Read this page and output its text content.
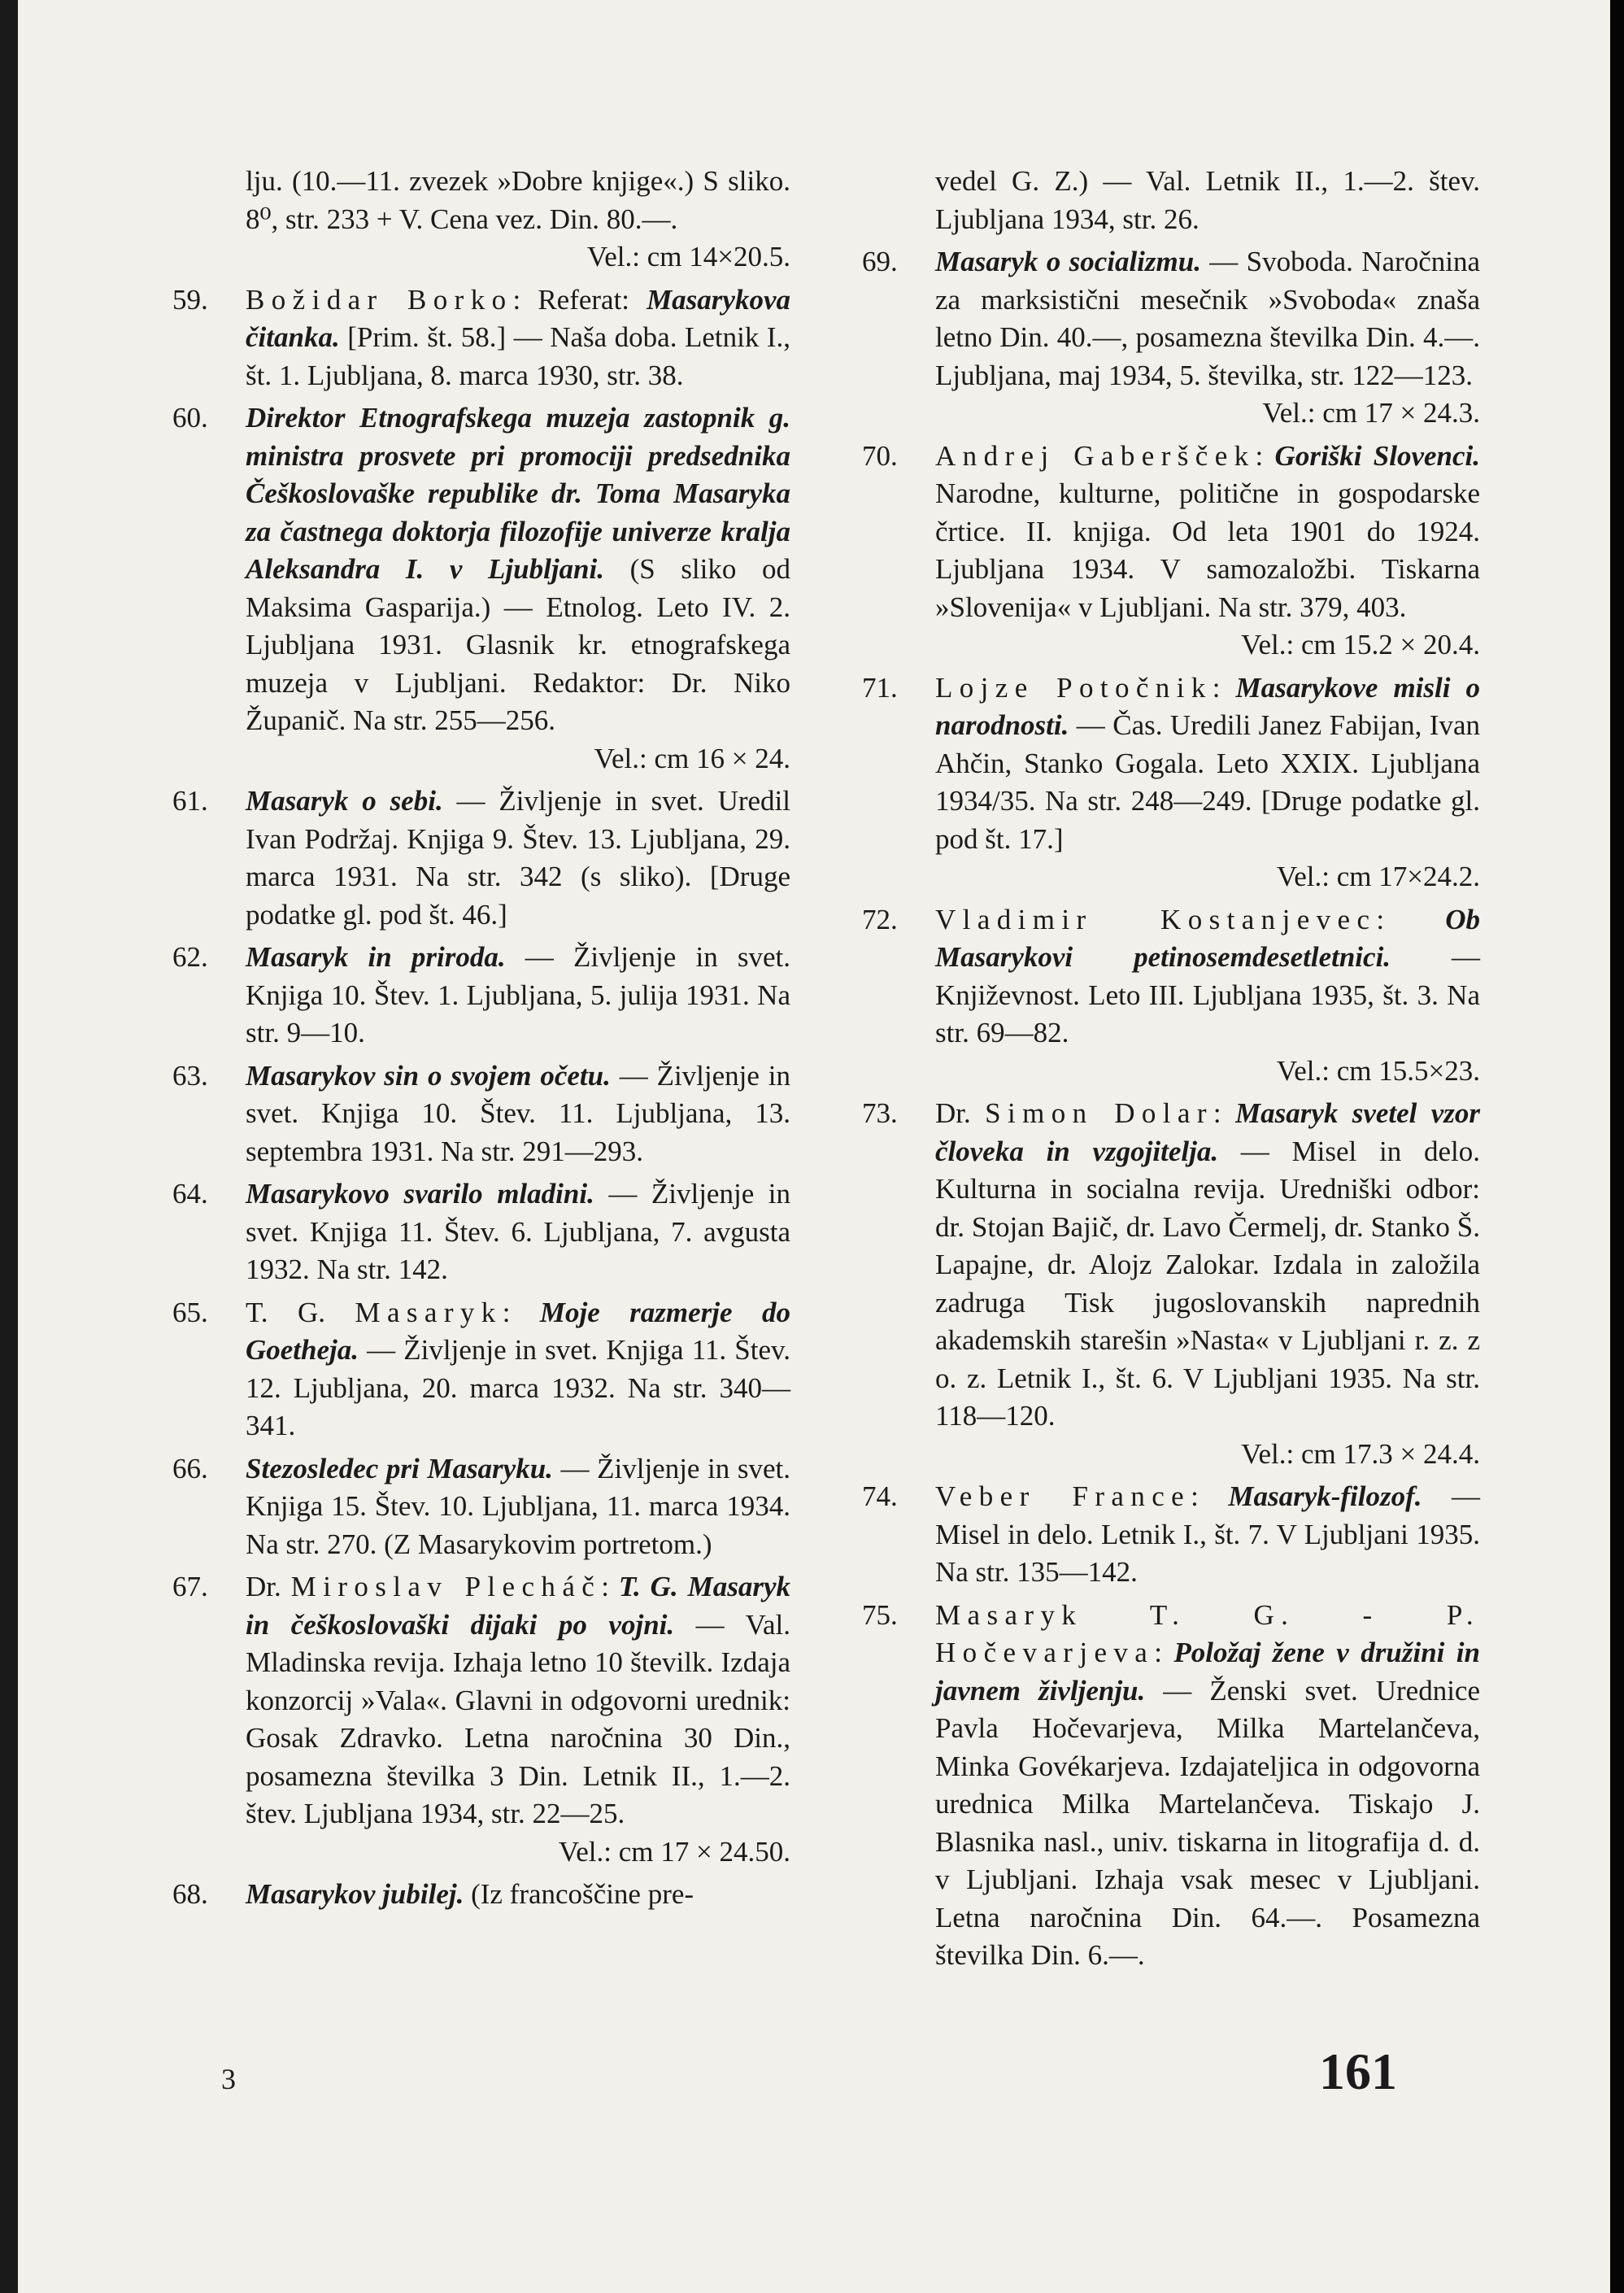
lju. (10.—11. zvezek »Dobre knjige«.) S sliko. 8⁰, str. 233 + V. Cena vez. Din. 80.—.
Vel.: cm 14×20.5.
59.	Božidar Borko: Referat: Masarykova čitanka. [Prim. št. 58.] — Naša doba. Letnik I., št. 1. Ljubljana, 8. marca 1930, str. 38.
60.	Direktor Etnografskega muzeja zastopnik g. ministra prosvete pri promociji predsednika Češkoslovaške republike dr. Toma Masaryka za častnega doktorja filozofije univerze kralja Aleksandra I. v Ljubljani. (S sliko od Maksima Gasparija.) — Etnolog. Leto IV. 2. Ljubljana 1931. Glasnik kr. etnografskega muzeja v Ljubljani. Redaktor: Dr. Niko Županič. Na str. 255—256.
Vel.: cm 16 × 24.
61.	Masaryk o sebi. — Življenje in svet. Uredil Ivan Podržaj. Knjiga 9. Štev. 13. Ljubljana, 29. marca 1931. Na str. 342 (s sliko). [Druge podatke gl. pod št. 46.]
62.	Masaryk in priroda. — Življenje in svet. Knjiga 10. Štev. 1. Ljubljana, 5. julija 1931. Na str. 9—10.
63.	Masarykov sin o svojem očetu. — Življenje in svet. Knjiga 10. Štev. 11. Ljubljana, 13. septembra 1931. Na str. 291—293.
64.	Masarykovo svarilo mladini. — Življenje in svet. Knjiga 11. Štev. 6. Ljubljana, 7. avgusta 1932. Na str. 142.
65.	T. G. Masaryk: Moje razmerje do Goetheja. — Življenje in svet. Knjiga 11. Štev. 12. Ljubljana, 20. marca 1932. Na str. 340—341.
66.	Stezosledec pri Masaryku. — Življenje in svet. Knjiga 15. Štev. 10. Ljubljana, 11. marca 1934. Na str. 270. (Z Masarykovim portretom.)
67.	Dr. Miroslav Plecháč: T. G. Masaryk in češkoslovaški dijaki po vojni. — Val. Mladinska revija. Izhaja letno 10 številk. Izdaja konzorcij »Vala«. Glavni in odgovorni urednik: Gosak Zdravko. Letna naročnina 30 Din., posamezna številka 3 Din. Letnik II., 1.—2. štev. Ljubljana 1934, str. 22—25.
Vel.: cm 17 × 24.50.
68.	Masarykov jubilej. (Iz francoščine pre-
vedel G. Z.) — Val. Letnik II., 1.—2. štev. Ljubljana 1934, str. 26.
69.	Masaryk o socializmu. — Svoboda. Naročnina za marksistični mesečnik »Svoboda« znaša letno Din. 40.—, posamezna številka Din. 4.—. Ljubljana, maj 1934, 5. številka, str. 122—123.
Vel.: cm 17 × 24.3.
70.	Andrej Gaberšček: Goriški Slovenci. Narodne, kulturne, politične in gospodarske črtice. II. knjiga. Od leta 1901 do 1924. Ljubljana 1934. V samozaložbi. Tiskarna »Slovenija« v Ljubljani. Na str. 379, 403.
Vel.: cm 15.2 × 20.4.
71.	Lojze Potočnik: Masarykove misli o narodnosti. — Čas. Uredili Janez Fabijan, Ivan Ahčin, Stanko Gogala. Leto XXIX. Ljubljana 1934/35. Na str. 248—249. [Druge podatke gl. pod št. 17.]
Vel.: cm 17×24.2.
72.	Vladimir Kostanjevec: Ob Masarykovi petinosemdesetletnici. — Književnost. Leto III. Ljubljana 1935, št. 3. Na str. 69—82.
Vel.: cm 15.5×23.
73.	Dr. Simon Dolar: Masaryk svetel vzor človeka in vzgojitelja. — Misel in delo. Kulturna in socialna revija. Uredniški odbor: dr. Stojan Bajič, dr. Lavo Čermelj, dr. Stanko Š. Lapajne, dr. Alojz Zalokar. Izdala in založila zadruga Tisk jugoslovanskih naprednih akademskih starešin »Nasta« v Ljubljani r. z. z o. z. Letnik I., št. 6. V Ljubljani 1935. Na str. 118—120.
Vel.: cm 17.3 × 24.4.
74.	Veber France: Masaryk-filozof. — Misel in delo. Letnik I., št. 7. V Ljubljani 1935. Na str. 135—142.
75.	Masaryk T. G. - P. Hočevarjeva: Položaj žene v družini in javnem življenju. — Ženski svet. Urednice Pavla Hočevarjeva, Milka Martelančeva, Minka Govékarjeva. Izdajateljica in odgovorna urednica Milka Martelančeva. Tiskajo J. Blasnika nasl., univ. tiskarna in litografija d. d. v Ljubljani. Izhaja vsak mesec v Ljubljani. Letna naročnina Din. 64.—. Posamezna številka Din. 6.—.
3	161
